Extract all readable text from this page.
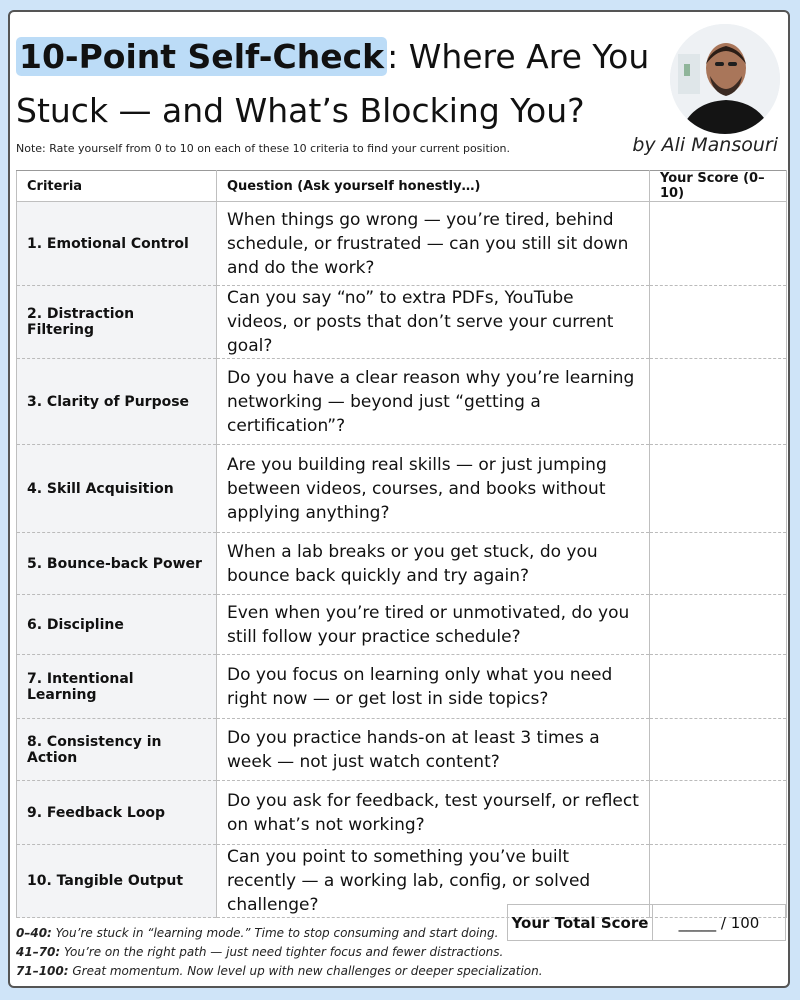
10-Point Self-Check: Where Are You Stuck — and What’s Blocking You?
Note: Rate yourself from 0 to 10 on each of these 10 criteria to find your current position.	by Ali Mansouri
Criteria	Question (Ask yourself honestly…)	Your Score (0–10)
1. Emotional Control	When things go wrong — you’re tired, behind schedule, or frustrated — can you still sit down and do the work?	
2. Distraction Filtering	Can you say “no” to extra PDFs, YouTube videos, or posts that don’t serve your current goal?	
3. Clarity of Purpose	Do you have a clear reason why you’re learning networking — beyond just “getting a certification”?	
4. Skill Acquisition	Are you building real skills — or just jumping between videos, courses, and books without applying anything?	
5. Bounce-back Power	When a lab breaks or you get stuck, do you bounce back quickly and try again?	
6. Discipline	Even when you’re tired or unmotivated, do you still follow your practice schedule?	
7. Intentional Learning	Do you focus on learning only what you need right now — or get lost in side topics?	
8. Consistency in Action	Do you practice hands-on at least 3 times a week — not just watch content?	
9. Feedback Loop	Do you ask for feedback, test yourself, or reflect on what’s not working?	
10. Tangible Output	Can you point to something you’ve built recently — a working lab, config, or solved challenge?	
Your Total Score	_____ / 100
0–40: You’re stuck in “learning mode.” Time to stop consuming and start doing.
41–70: You’re on the right path — just need tighter focus and fewer distractions.
71–100: Great momentum. Now level up with new challenges or deeper specialization.
